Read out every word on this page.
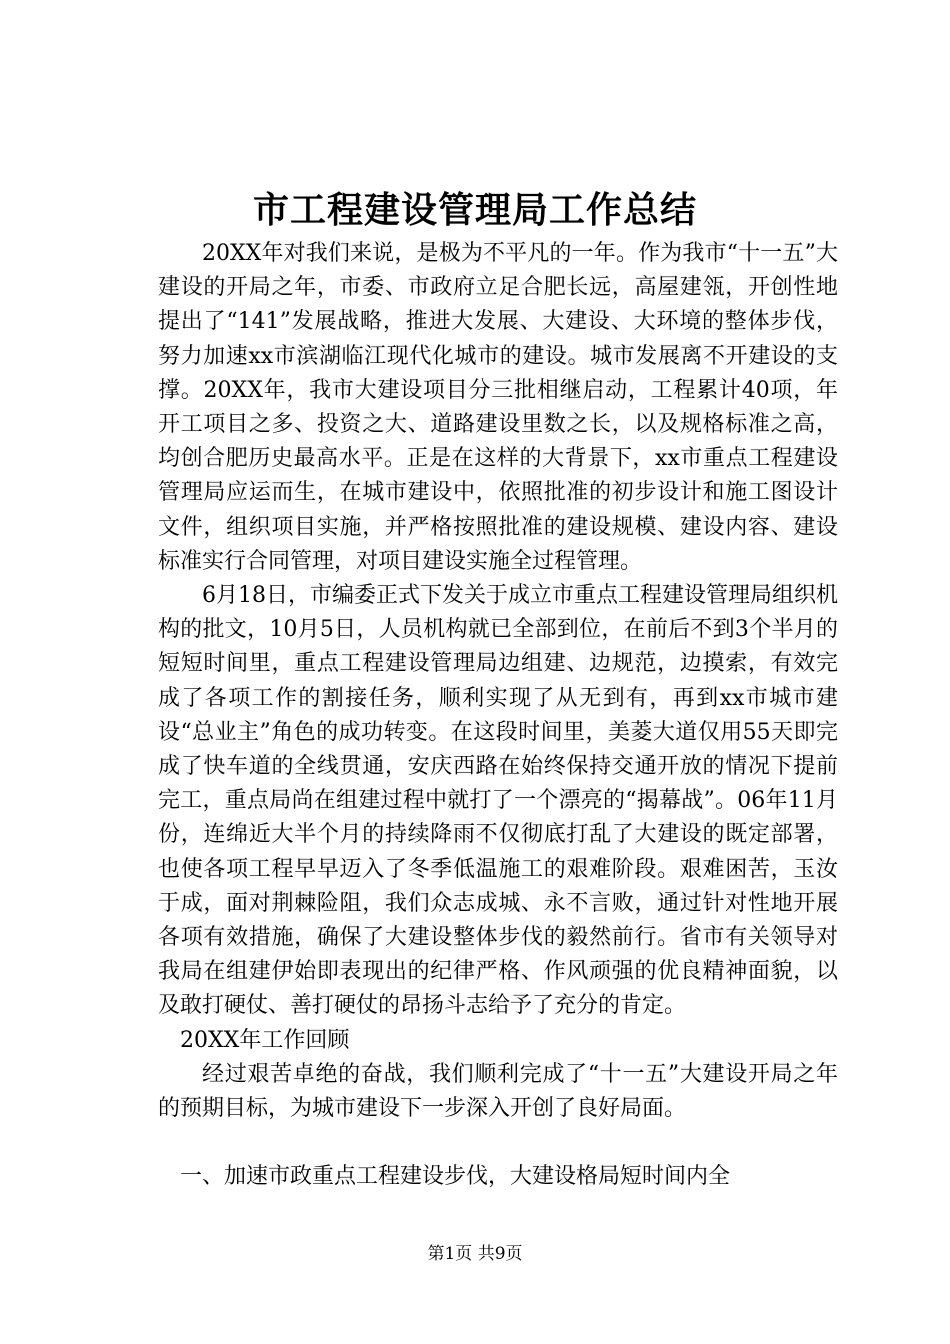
市工程建设管理局工作总结

20XX年对我们来说，是极为不平凡的一年。作为我市“十一五”大建设的开局之年，市委、市政府立足合肥长远，高屋建瓴，开创性地提出了“141”发展战略，推进大发展、大建设、大环境的整体步伐，努力加速xx市滨湖临江现代化城市的建设。城市发展离不开建设的支撑。20XX年，我市大建设项目分三批相继启动，工程累计40项，年开工项目之多、投资之大、道路建设里数之长，以及规格标准之高，均创合肥历史最高水平。正是在这样的大背景下，xx市重点工程建设管理局应运而生，在城市建设中，依照批准的初步设计和施工图设计文件，组织项目实施，并严格按照批准的建设规模、建设内容、建设标准实行合同管理，对项目建设实施全过程管理。

6月18日，市编委正式下发关于成立市重点工程建设管理局组织机构的批文，10月5日，人员机构就已全部到位，在前后不到3个半月的短短时间里，重点工程建设管理局边组建、边规范，边摸索，有效完成了各项工作的割接任务，顺利实现了从无到有，再到xx市城市建设“总业主”角色的成功转变。在这段时间里，美菱大道仅用55天即完成了快车道的全线贯通，安庆西路在始终保持交通开放的情况下提前完工，重点局尚在组建过程中就打了一个漂亮的“揭幕战”。06年11月份，连绵近大半个月的持续降雨不仅彻底打乱了大建设的既定部署，也使各项工程早早迈入了冬季低温施工的艰难阶段。艰难困苦，玉汝于成，面对荆棘险阻，我们众志成城、永不言败，通过针对性地开展各项有效措施，确保了大建设整体步伐的毅然前行。省市有关领导对我局在组建伊始即表现出的纪律严格、作风顽强的优良精神面貌，以及敢打硬仗、善打硬仗的昂扬斗志给予了充分的肯定。

20XX年工作回顾

经过艰苦卓绝的奋战，我们顺利完成了“十一五”大建设开局之年的预期目标，为城市建设下一步深入开创了良好局面。

一、加速市政重点工程建设步伐，大建设格局短时间内全

第1页 共9页
